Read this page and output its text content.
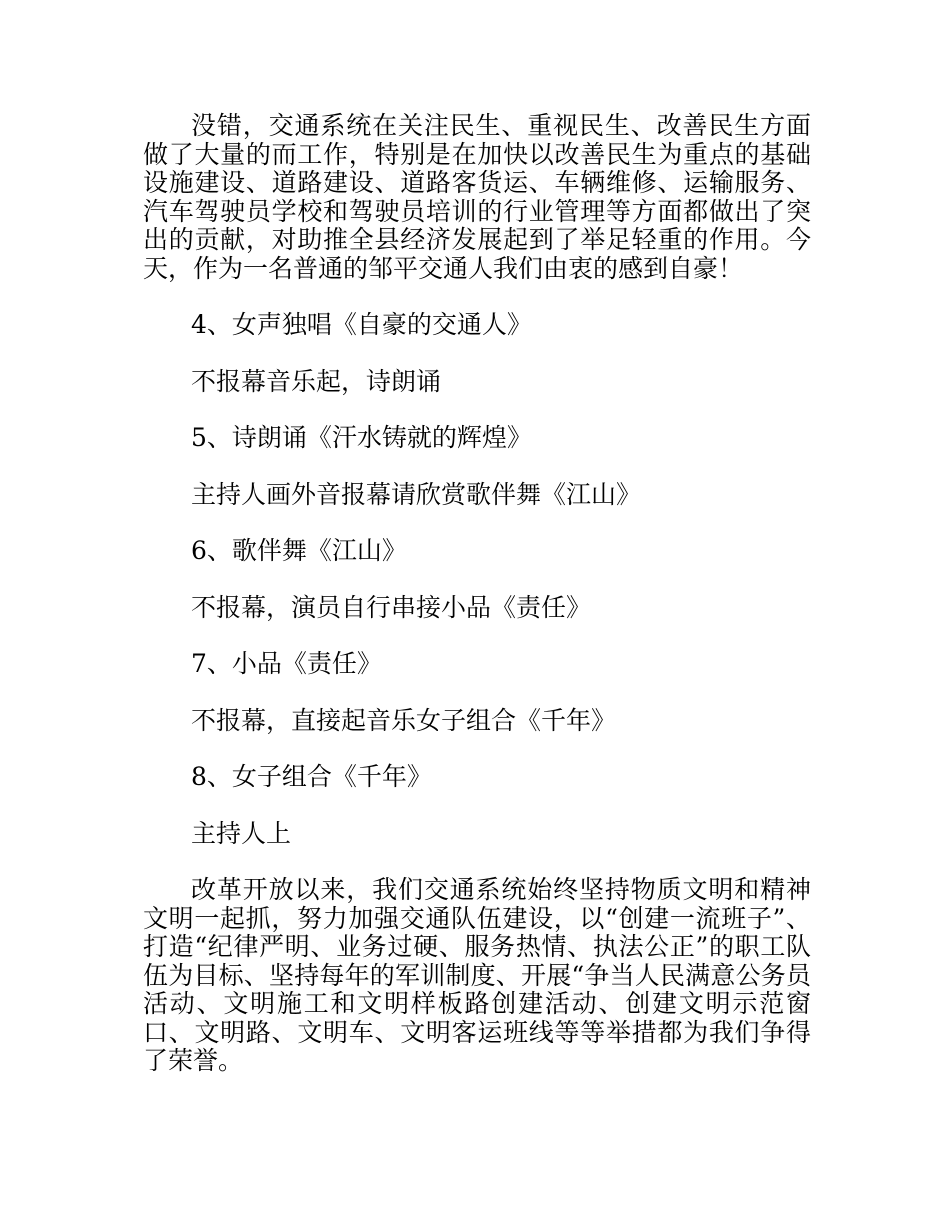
没错，交通系统在关注民生、重视民生、改善民生方面做了大量的而工作，特别是在加快以改善民生为重点的基础设施建设、道路建设、道路客货运、车辆维修、运输服务、汽车驾驶员学校和驾驶员培训的行业管理等方面都做出了突出的贡献，对助推全县经济发展起到了举足轻重的作用。今天，作为一名普通的邹平交通人我们由衷的感到自豪！

4、女声独唱《自豪的交通人》

不报幕音乐起，诗朗诵

5、诗朗诵《汗水铸就的辉煌》

主持人画外音报幕请欣赏歌伴舞《江山》

6、歌伴舞《江山》

不报幕，演员自行串接小品《责任》

7、小品《责任》

不报幕，直接起音乐女子组合《千年》

8、女子组合《千年》

主持人上

改革开放以来，我们交通系统始终坚持物质文明和精神文明一起抓，努力加强交通队伍建设，以“创建一流班子”、打造“纪律严明、业务过硬、服务热情、执法公正”的职工队伍为目标、坚持每年的军训制度、开展“争当人民满意公务员活动、文明施工和文明样板路创建活动、创建文明示范窗口、文明路、文明车、文明客运班线等等举措都为我们争得了荣誉。
